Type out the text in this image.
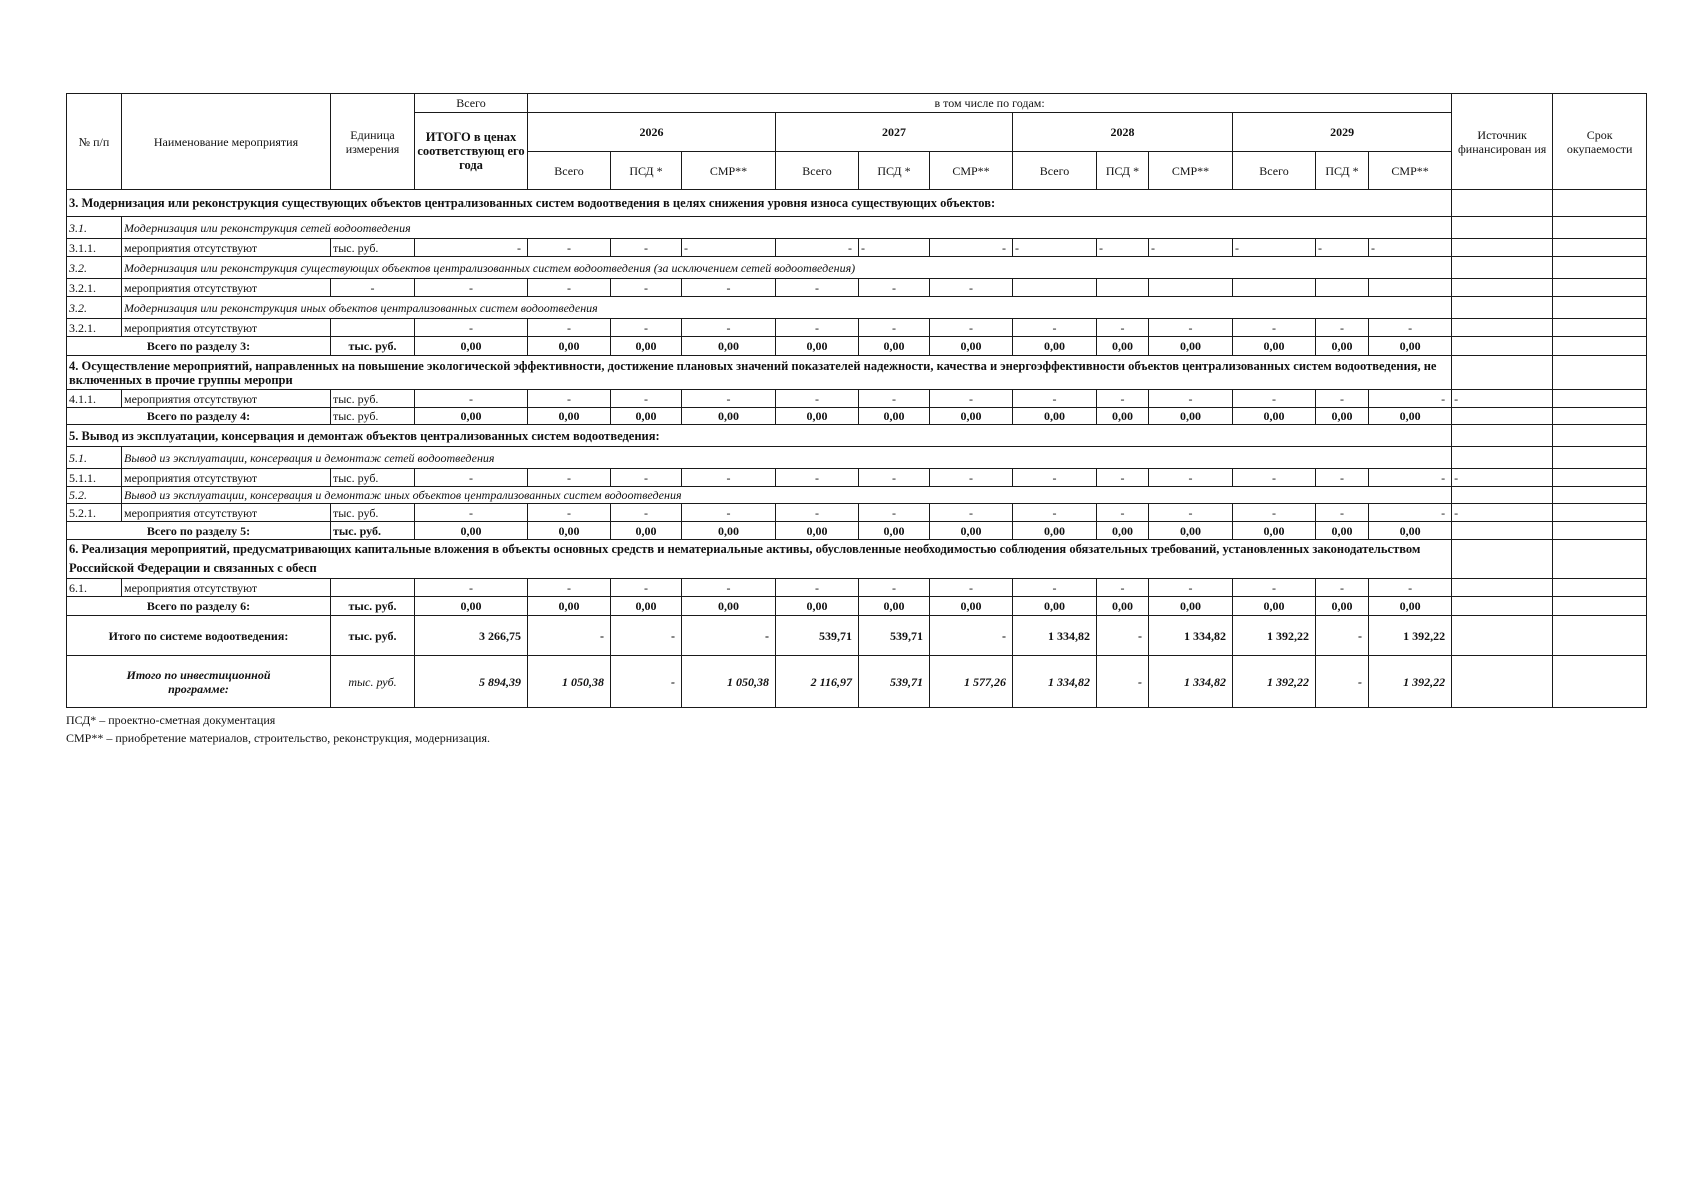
№ п/п	Наименование мероприятия	Единица измерения	Всего	в том числе по годам:												Источник финансирован ия	Срок окупаемости
			ИТОГО в ценах соответствующ его года	2026			2027			2028			2029				
				Всего	ПСД *	СМР**	Всего	ПСД *	СМР**	Всего	ПСД *	СМР**	Всего	ПСД *	СМР**		
3. Модернизация или реконструкция существующих объектов централизованных систем водоотведения в целях снижения уровня износа существующих объектов:																	
3.1.	Модернизация или реконструкция сетей водоотведения																
3.1.1.	мероприятия отсутствуют	тыс. руб.	-	-	-	-	-	-	-	-	-	-	-	-	-		
3.2.	Модернизация или реконструкция существующих объектов централизованных систем водоотведения (за исключением сетей водоотведения)																
3.2.1.	мероприятия отсутствуют	-	-	-	-	-	-	-	-								
3.2.	Модернизация или реконструкция иных объектов централизованных систем водоотведения																
3.2.1.	мероприятия отсутствуют		-	-	-	-	-	-	-	-	-	-	-	-	-		
Всего по разделу 3:		тыс. руб.	0,00	0,00	0,00	0,00	0,00	0,00	0,00	0,00	0,00	0,00	0,00	0,00	0,00		
4. Осуществление мероприятий, направленных на повышение экологической эффективности, достижение плановых значений показателей надежности, качества и энергоэффективности объектов централизованных систем водоотведения, не включенных в прочие группы меропри																	
4.1.1.	мероприятия отсутствуют	тыс. руб.	-	-	-	-	-	-	-	-	-	-	-	-	-	-	
Всего по разделу 4:		тыс. руб.	0,00	0,00	0,00	0,00	0,00	0,00	0,00	0,00	0,00	0,00	0,00	0,00	0,00		
5. Вывод из эксплуатации, консервация и демонтаж объектов централизованных систем водоотведения:																	
5.1.	Вывод из эксплуатации, консервация и демонтаж сетей водоотведения																
5.1.1.	мероприятия отсутствуют	тыс. руб.	-	-	-	-	-	-	-	-	-	-	-	-	-	-	
5.2.	Вывод из эксплуатации, консервация и демонтаж иных объектов централизованных систем водоотведения																
5.2.1.	мероприятия отсутствуют	тыс. руб.	-	-	-	-	-	-	-	-	-	-	-	-	-	-	
Всего по разделу 5:		тыс. руб.	0,00	0,00	0,00	0,00	0,00	0,00	0,00	0,00	0,00	0,00	0,00	0,00	0,00		
6. Реализация мероприятий, предусматривающих капитальные вложения в объекты основных средств и нематериальные активы, обусловленные необходимостью соблюдения обязательных требований, установленных законодательством Российской Федерации и связанных с обесп																	
6.1.	мероприятия отсутствуют		-	-	-	-	-	-	-	-	-	-	-	-	-		
Всего по разделу 6:		тыс. руб.	0,00	0,00	0,00	0,00	0,00	0,00	0,00	0,00	0,00	0,00	0,00	0,00	0,00		
Итого по системе водоотведения:		тыс. руб.	3 266,75	-	-	-	539,71	539,71	-	1 334,82	-	1 334,82	1 392,22	-	1 392,22		
Итого по инвестиционной программе:		тыс. руб.	5 894,39	1 050,38	-	1 050,38	2 116,97	539,71	1 577,26	1 334,82	-	1 334,82	1 392,22	-	1 392,22		
ПСД* – проектно-сметная документация
СМР** – приобретение материалов, строительство, реконструкция, модернизация.
